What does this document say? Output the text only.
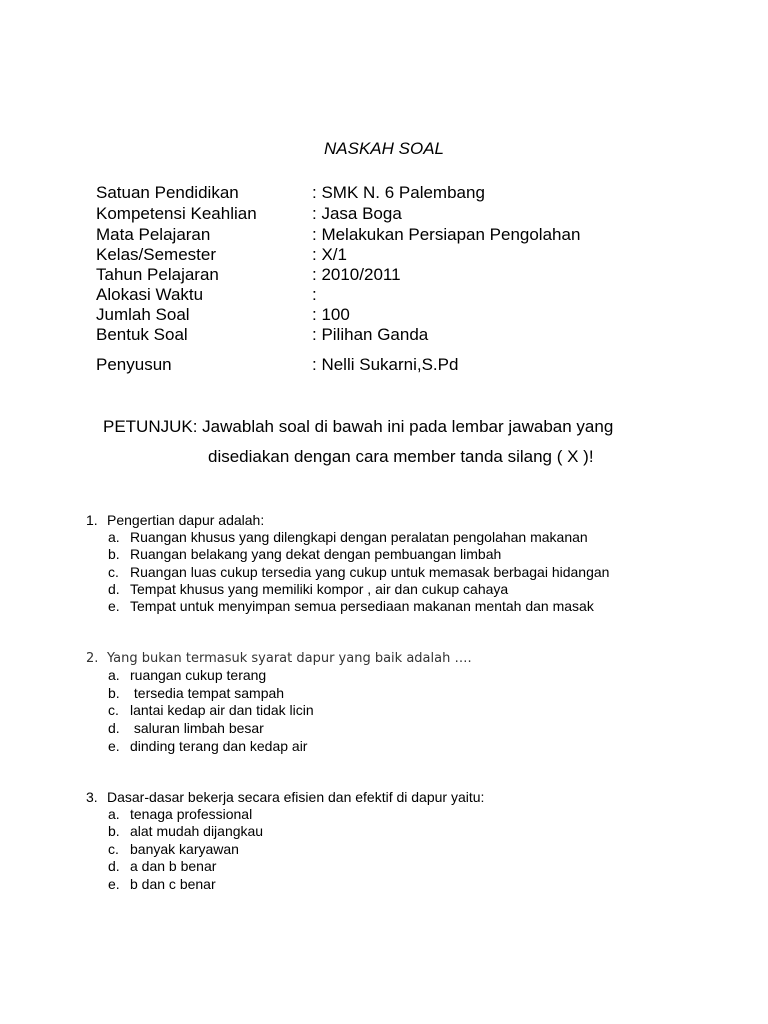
NASKAH SOAL
Satuan Pendidikan	: SMK N. 6 Palembang
Kompetensi Keahlian	: Jasa Boga
Mata Pelajaran	: Melakukan Persiapan Pengolahan
Kelas/Semester	: X/1
Tahun Pelajaran	: 2010/2011
Alokasi Waktu	:
Jumlah Soal	: 100
Bentuk Soal	: Pilihan Ganda
Penyusun	: Nelli Sukarni,S.Pd
PETUNJUK: Jawablah soal di bawah ini pada lembar jawaban yang
disediakan dengan cara member tanda silang ( X )!
1. Pengertian dapur adalah:
a. Ruangan khusus yang dilengkapi dengan peralatan pengolahan makanan
b. Ruangan belakang yang dekat dengan pembuangan limbah
c. Ruangan luas cukup tersedia yang cukup untuk memasak berbagai hidangan
d. Tempat khusus yang memiliki kompor , air dan cukup cahaya
e. Tempat untuk menyimpan semua persediaan makanan mentah dan masak
2. Yang bukan termasuk syarat dapur yang baik adalah ….
a. ruangan cukup terang
b. tersedia tempat sampah
c. lantai kedap air dan tidak licin
d. saluran limbah besar
e. dinding terang dan kedap air
3. Dasar-dasar bekerja secara efisien dan efektif di dapur yaitu:
a. tenaga professional
b. alat mudah dijangkau
c. banyak karyawan
d. a dan b benar
e. b dan c benar
